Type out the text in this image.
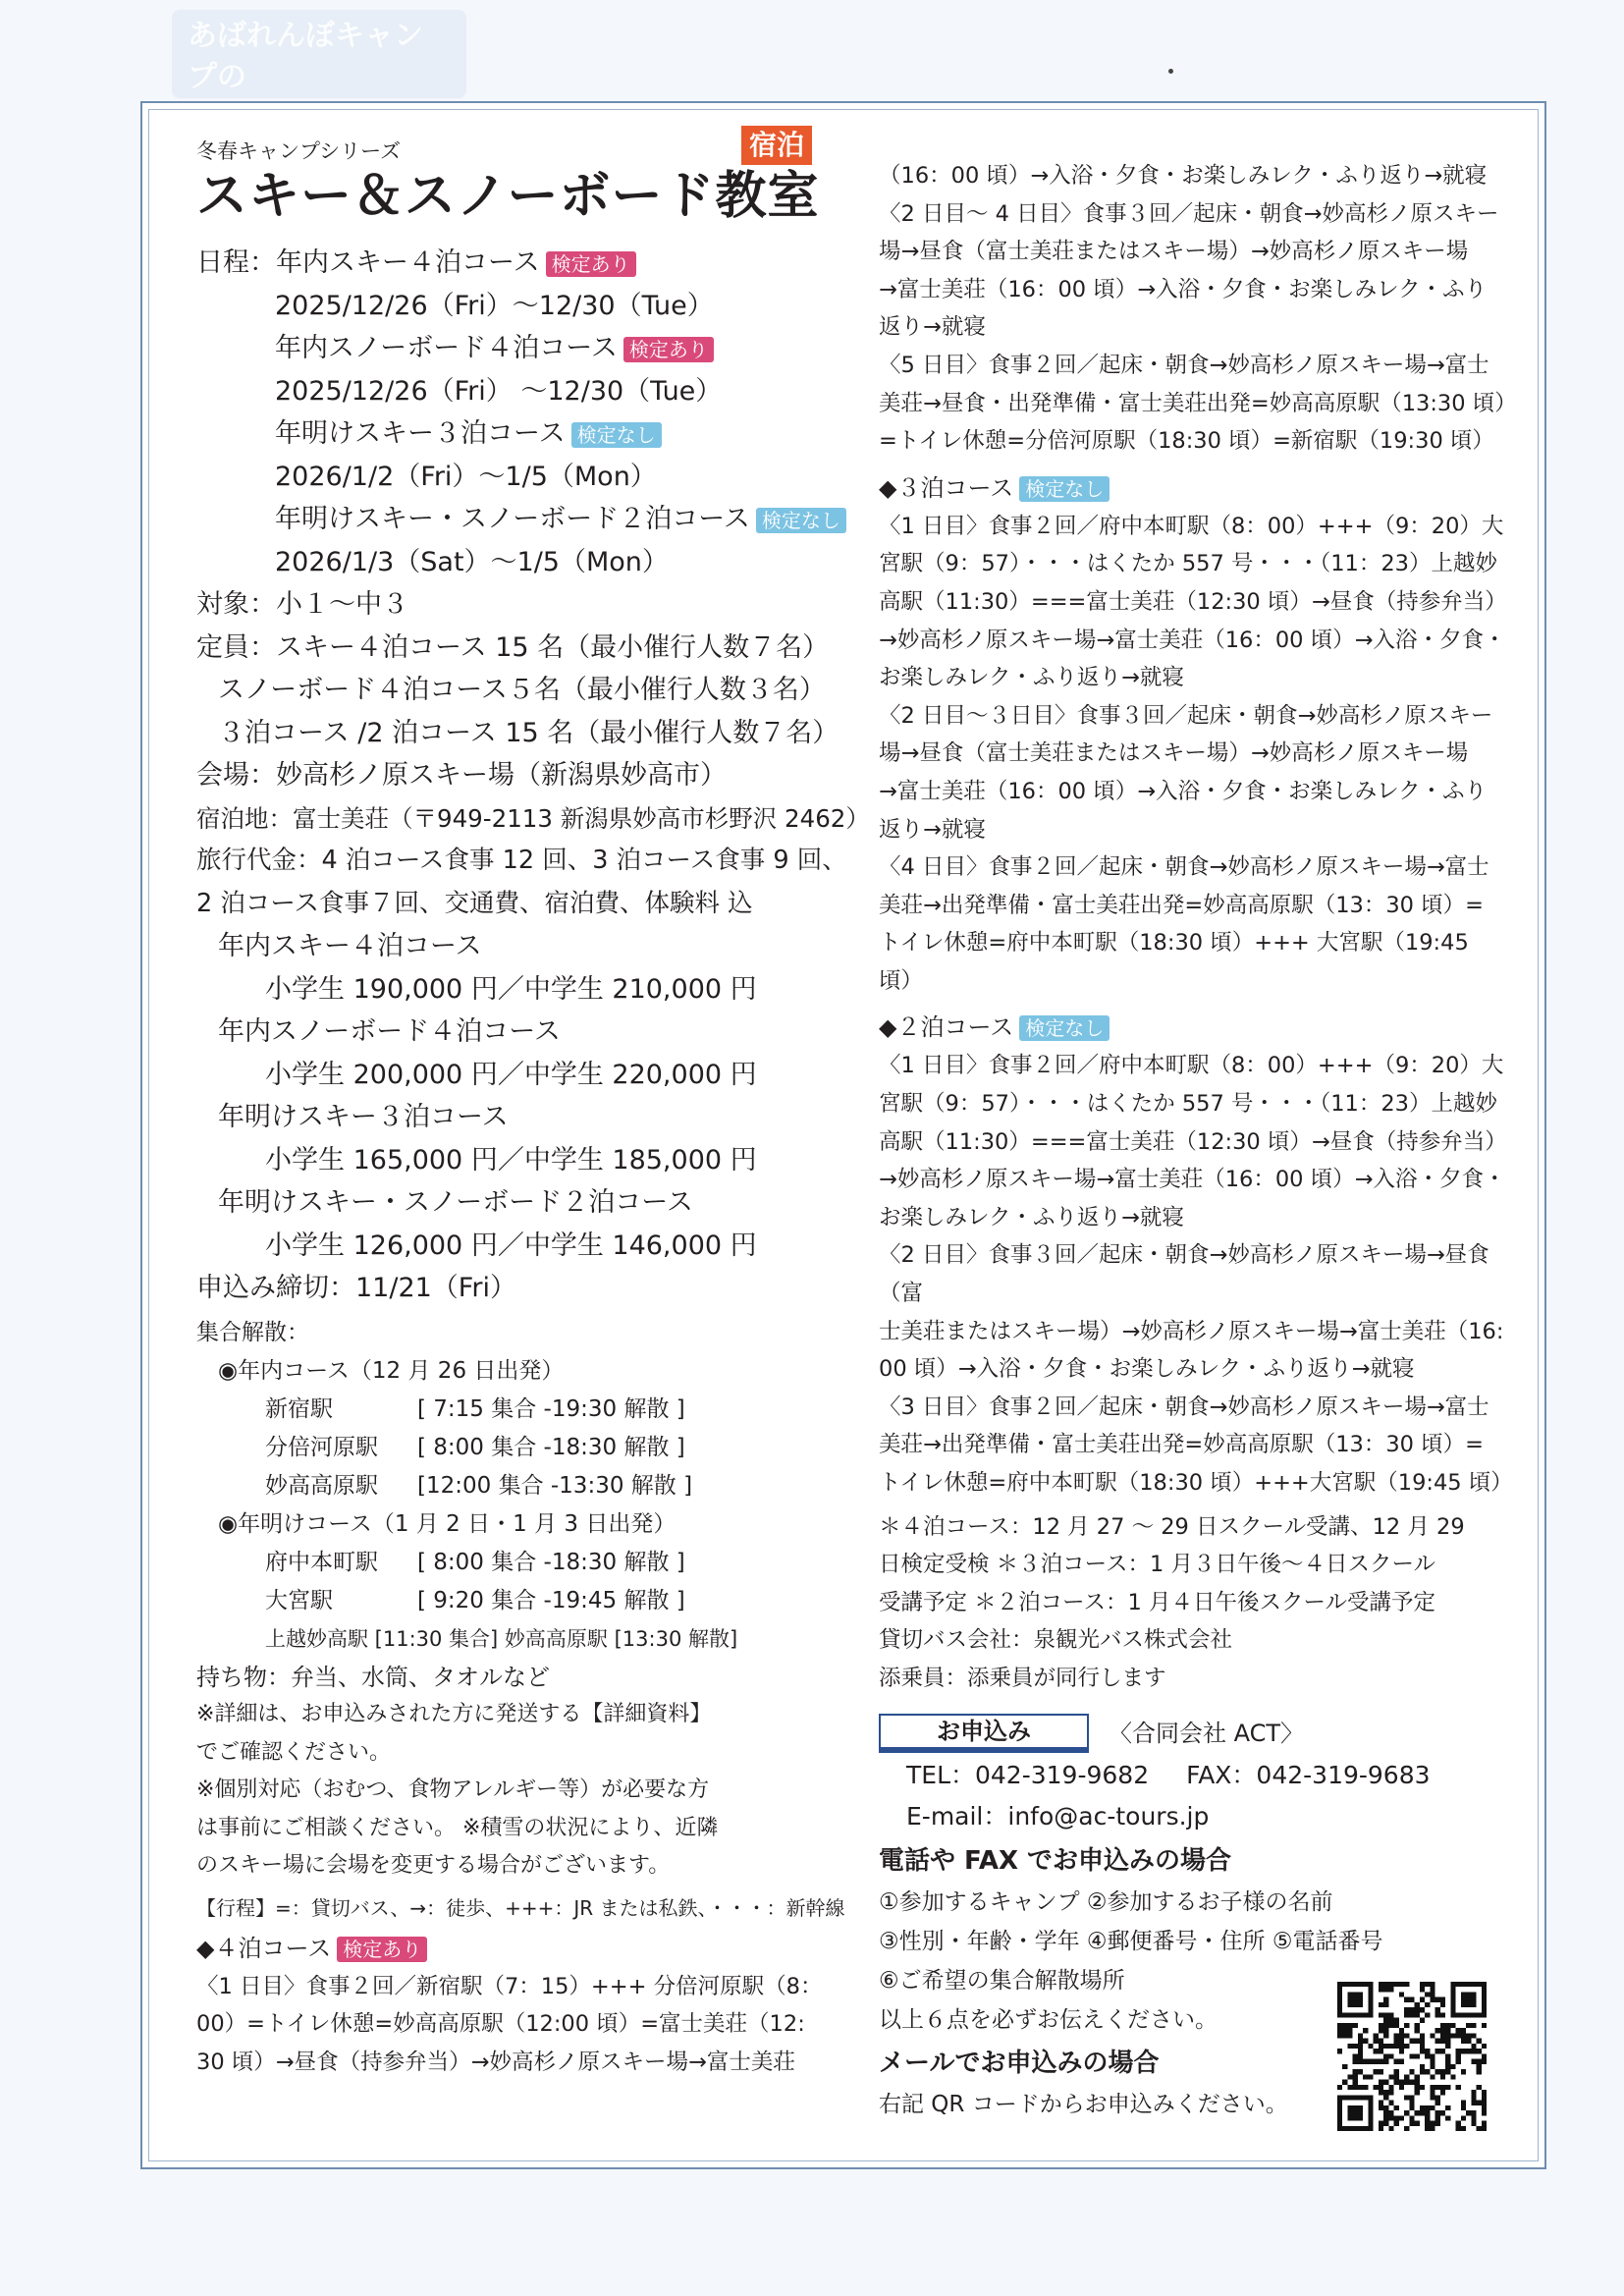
あばれんぼキャンプの
冬春キャンプシリーズ
スキー＆スノーボード教室
宿泊
日程：年内スキー４泊コース 検定あり
2025/12/26（Fri）～12/30（Tue）
年内スノーボード４泊コース 検定あり
2025/12/26（Fri） ～12/30（Tue）
年明けスキー３泊コース 検定なし
2026/1/2（Fri）～1/5（Mon）
年明けスキー・スノーボード２泊コース 検定なし
2026/1/3（Sat）～1/5（Mon）
対象：小１～中３
定員：スキー４泊コース 15 名（最小催行人数７名）
スノーボード４泊コース５名（最小催行人数３名）
３泊コース /2 泊コース 15 名（最小催行人数７名）
会場：妙高杉ノ原スキー場（新潟県妙高市）
宿泊地：富士美荘（〒949-2113 新潟県妙高市杉野沢 2462）
旅行代金：4 泊コース食事 12 回、3 泊コース食事 9 回、
2 泊コース食事７回、交通費、宿泊費、体験料 込
年内スキー４泊コース
小学生 190,000 円／中学生 210,000 円
年内スノーボード４泊コース
小学生 200,000 円／中学生 220,000 円
年明けスキー３泊コース
小学生 165,000 円／中学生 185,000 円
年明けスキー・スノーボード２泊コース
小学生 126,000 円／中学生 146,000 円
申込み締切：11/21（Fri）
集合解散：
◉年内コース（12 月 26 日出発）
新宿駅	[ 7:15 集合 -19:30 解散 ]
分倍河原駅 [ 8:00 集合 -18:30 解散 ]
妙高高原駅 [12:00 集合 -13:30 解散 ]
◉年明けコース（1 月 2 日・1 月 3 日出発）
府中本町駅 [ 8:00 集合 -18:30 解散 ]
大宮駅	[ 9:20 集合 -19:45 解散 ]
上越妙高駅 [11:30 集合] 妙高高原駅 [13:30 解散]
持ち物：弁当、水筒、タオルなど
※詳細は、お申込みされた方に発送する【詳細資料】
でご確認ください。
※個別対応（おむつ、食物アレルギー等）が必要な方
は事前にご相談ください。 ※積雪の状況により、近隣
のスキー場に会場を変更する場合がございます。
【行程】=：貸切バス、→：徒歩、+++：JR または私鉄、・・・：新幹線
◆４泊コース 検定あり
〈1 日目〉食事２回／新宿駅（7：15）+++ 分倍河原駅（8：
00）=トイレ休憩=妙高高原駅（12:00 頃）=富士美荘（12:
30 頃）→昼食（持参弁当）→妙高杉ノ原スキー場→富士美荘
（16：00 頃）→入浴・夕食・お楽しみレク・ふり返り→就寝
〈2 日目～ 4 日目〉食事３回／起床・朝食→妙高杉ノ原スキー
場→昼食（富士美荘またはスキー場）→妙高杉ノ原スキー場
→富士美荘（16：00 頃）→入浴・夕食・お楽しみレク・ふり
返り→就寝
〈5 日目〉食事２回／起床・朝食→妙高杉ノ原スキー場→富士
美荘→昼食・出発準備・富士美荘出発=妙高高原駅（13:30 頃）
=トイレ休憩=分倍河原駅（18:30 頃）=新宿駅（19:30 頃）
◆３泊コース 検定なし
〈1 日目〉食事２回／府中本町駅（8：00）+++（9：20）大
宮駅（9：57）・・・はくたか 557 号・・・（11：23）上越妙
高駅（11:30）===富士美荘（12:30 頃）→昼食（持参弁当）
→妙高杉ノ原スキー場→富士美荘（16：00 頃）→入浴・夕食・
お楽しみレク・ふり返り→就寝
〈2 日目～３日目〉食事３回／起床・朝食→妙高杉ノ原スキー
場→昼食（富士美荘またはスキー場）→妙高杉ノ原スキー場
→富士美荘（16：00 頃）→入浴・夕食・お楽しみレク・ふり
返り→就寝
〈4 日目〉食事２回／起床・朝食→妙高杉ノ原スキー場→富士
美荘→出発準備・富士美荘出発=妙高高原駅（13：30 頃）=
トイレ休憩=府中本町駅（18:30 頃）+++ 大宮駅（19:45 頃）
◆２泊コース 検定なし
〈1 日目〉食事２回／府中本町駅（8：00）+++（9：20）大
宮駅（9：57）・・・はくたか 557 号・・・（11：23）上越妙
高駅（11:30）===富士美荘（12:30 頃）→昼食（持参弁当）
→妙高杉ノ原スキー場→富士美荘（16：00 頃）→入浴・夕食・
お楽しみレク・ふり返り→就寝
〈2 日目〉食事３回／起床・朝食→妙高杉ノ原スキー場→昼食（富
士美荘またはスキー場）→妙高杉ノ原スキー場→富士美荘（16:
00 頃）→入浴・夕食・お楽しみレク・ふり返り→就寝
〈3 日目〉食事２回／起床・朝食→妙高杉ノ原スキー場→富士
美荘→出発準備・富士美荘出発=妙高高原駅（13：30 頃）=
トイレ休憩=府中本町駅（18:30 頃）+++大宮駅（19:45 頃）
＊４泊コース：12 月 27 ～ 29 日スクール受講、12 月 29
日検定受検 ＊３泊コース：1 月３日午後～４日スクール
受講予定 ＊２泊コース：1 月４日午後スクール受講予定
貸切バス会社：泉観光バス株式会社
添乗員：添乗員が同行します
お申込み	〈合同会社 ACT〉
TEL：042-319-9682 FAX：042-319-9683
E-mail：info@ac-tours.jp
電話や FAX でお申込みの場合
①参加するキャンプ ②参加するお子様の名前
③性別・年齢・学年 ④郵便番号・住所 ⑤電話番号
⑥ご希望の集合解散場所
以上６点を必ずお伝えください。
メールでお申込みの場合
右記 QR コードからお申込みください。
